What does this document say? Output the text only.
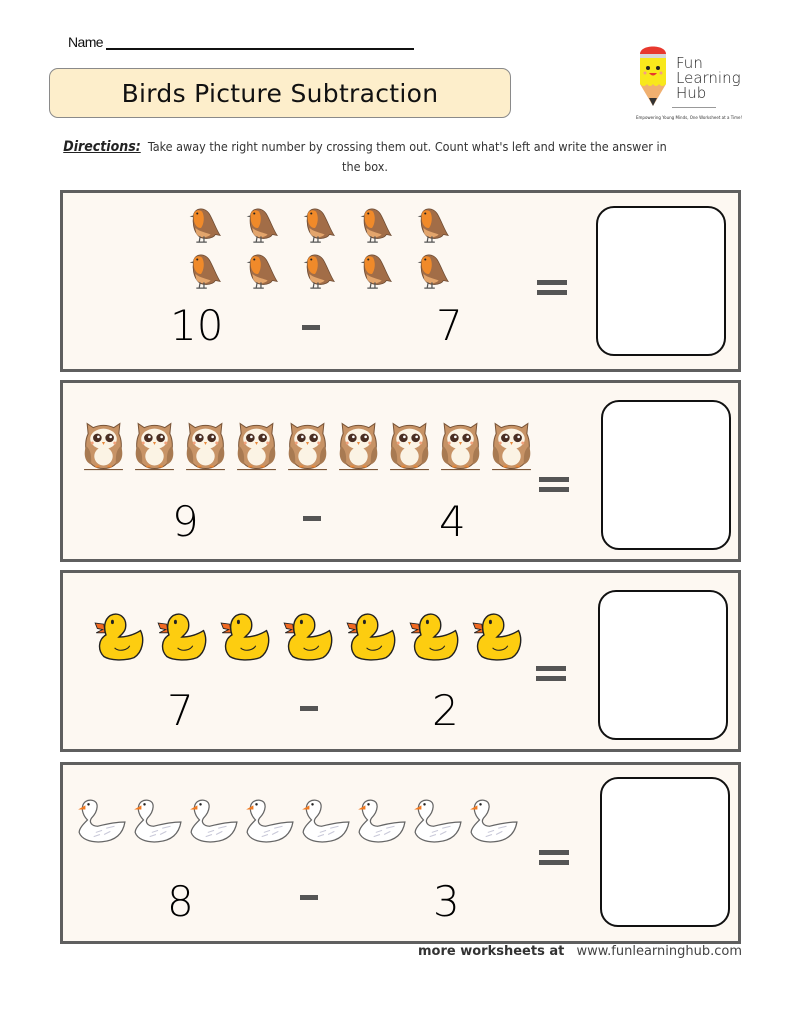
Name
Birds Picture Subtraction
Fun
Learning
Hub
Empowering Young Minds, One Worksheet at a Time!
Directions: Take away the right number by crossing them out. Count what's left and write the answer in the box.
10	7
9	4
7	2
8	3
more worksheets at www.funlearninghub.com
